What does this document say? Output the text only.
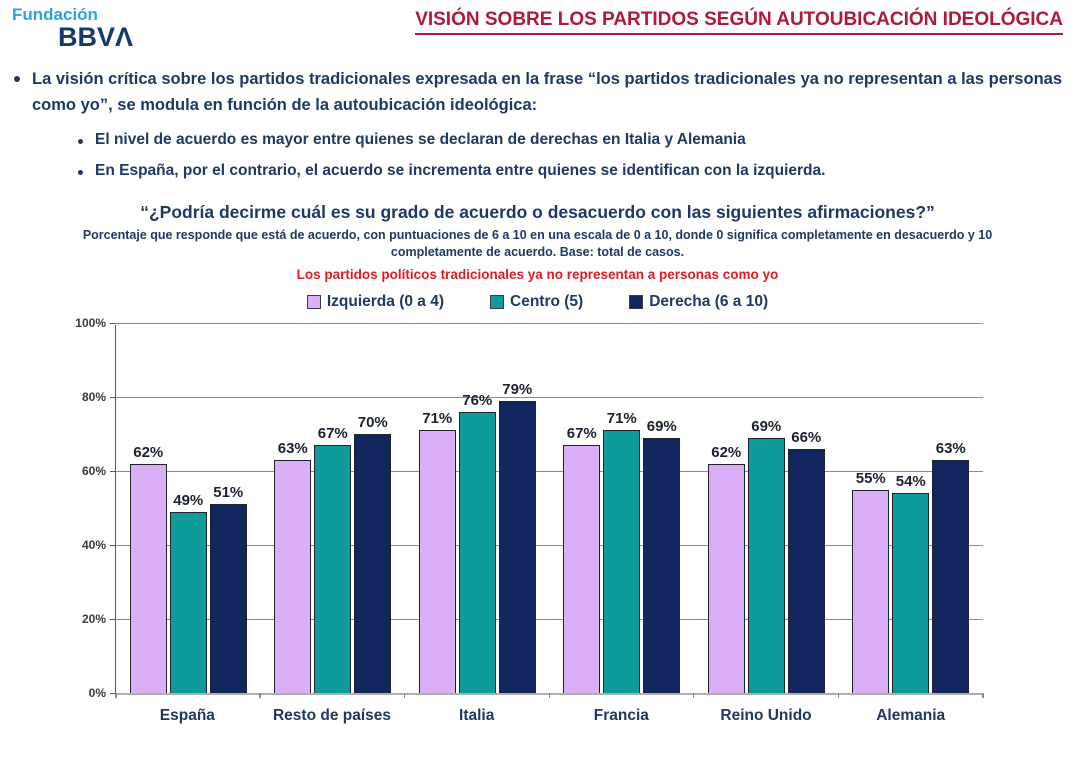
Fundación
BBVΛ
VISIÓN SOBRE LOS PARTIDOS SEGÚN AUTOUBICACIÓN IDEOLÓGICA

La visión crítica sobre los partidos tradicionales expresada en la frase “los partidos tradicionales ya no representan a las personas como yo”, se modula en función de la autoubicación ideológica:

El nivel de acuerdo es mayor entre quienes se declaran de derechas en Italia y Alemania

En España, por el contrario, el acuerdo se incrementa entre quienes se identifican con la izquierda.

“¿Podría decirme cuál es su grado de acuerdo o desacuerdo con las siguientes afirmaciones?”
Porcentaje que responde que está de acuerdo, con puntuaciones de 6 a 10 en una escala de 0 a 10, donde 0 significa completamente en desacuerdo y 10 completamente de acuerdo. Base: total de casos.
Los partidos políticos tradicionales ya no representan a personas como yo
Izquierda (0 a 4)	Centro (5)	Derecha (6 a 10)
0%
20%
40%
60%
80%
100%
62%
49% 51%
63%
67%
70% 71%
76%
79%
67%
71% 69%
62%
69%
66%
55% 54%
63%
España	Resto de países	Italia	Francia	Reino Unido	Alemania
